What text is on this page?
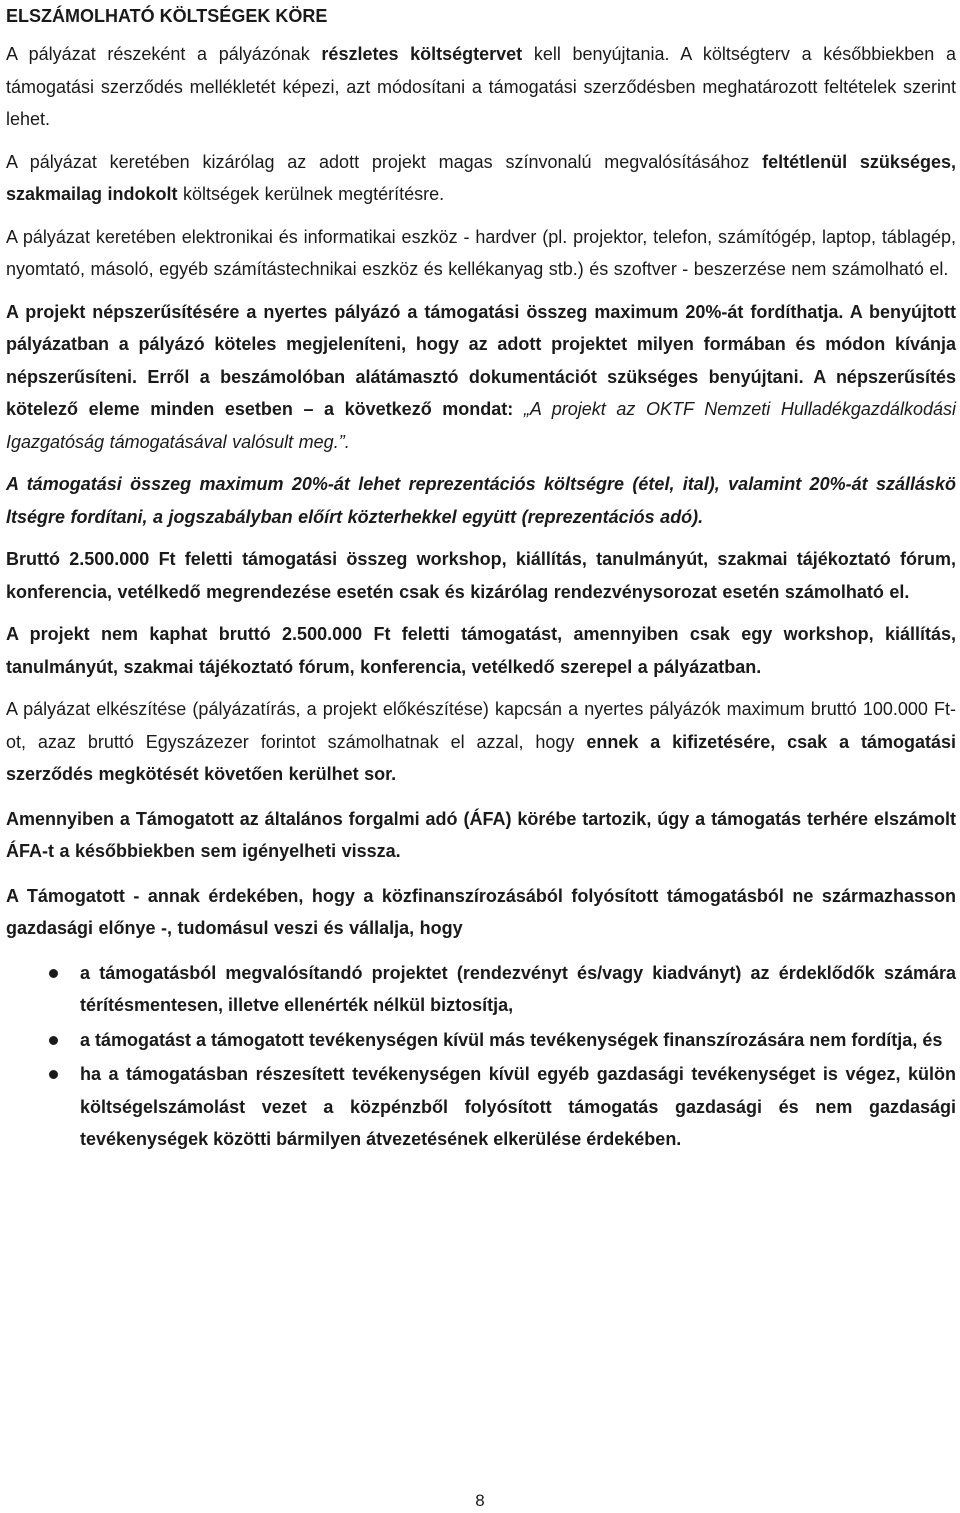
ELSZÁMOLHATÓ KÖLTSÉGEK KÖRE

A pályázat részeként a pályázónak részletes költségtervet kell benyújtania. A költségterv a későbbiekben a támogatási szerződés mellékletét képezi, azt módosítani a támogatási szerződésben meghatározott feltételek szerint lehet.

A pályázat keretében kizárólag az adott projekt magas színvonalú megvalósításához feltétlenül szükséges, szakmailag indokolt költségek kerülnek megtérítésre.

A pályázat keretében elektronikai és informatikai eszköz - hardver (pl. projektor, telefon, számítógép, laptop, táblagép, nyomtató, másoló, egyéb számítástechnikai eszköz és kellékanyag stb.) és szoftver - beszerzése nem számolható el.

A projekt népszerűsítésére a nyertes pályázó a támogatási összeg maximum 20%-át fordíthatja. A benyújtott pályázatban a pályázó köteles megjeleníteni, hogy az adott projektet milyen formában és módon kívánja népszerűsíteni. Erről a beszámolóban alátámasztó dokumentációt szükséges benyújtani. A népszerűsítés kötelező eleme minden esetben – a következő mondat: „A projekt az OKTF Nemzeti Hulladékgazdálkodási Igazgatóság támogatásával valósult meg.”.

A támogatási összeg maximum 20%-át lehet reprezentációs költségre (étel, ital), valamint 20%-át szálláskö ltségre fordítani, a jogszabályban előírt közterhekkel együtt (reprezentációs adó).

Bruttó 2.500.000 Ft feletti támogatási összeg workshop, kiállítás, tanulmányút, szakmai tájékoztató fórum, konferencia, vetélkedő megrendezése esetén csak és kizárólag rendezvénysorozat esetén számolható el.

A projekt nem kaphat bruttó 2.500.000 Ft feletti támogatást, amennyiben csak egy workshop, kiállítás, tanulmányút, szakmai tájékoztató fórum, konferencia, vetélkedő szerepel a pályázatban.

A pályázat elkészítése (pályázatírás, a projekt előkészítése) kapcsán a nyertes pályázók maximum bruttó 100.000 Ft-ot, azaz bruttó Egyszázezer forintot számolhatnak el azzal, hogy ennek a kifizetésére, csak a támogatási szerződés megkötését követően kerülhet sor.

Amennyiben a Támogatott az általános forgalmi adó (ÁFA) körébe tartozik, úgy a támogatás terhére elszámolt ÁFA-t a későbbiekben sem igényelheti vissza.

A Támogatott - annak érdekében, hogy a közfinanszírozásából folyósított támogatásból ne származhasson gazdasági előnye -, tudomásul veszi és vállalja, hogy

a támogatásból megvalósítandó projektet (rendezvényt és/vagy kiadványt) az érdeklődők számára térítésmentesen, illetve ellenérték nélkül biztosítja,
a támogatást a támogatott tevékenységen kívül más tevékenységek finanszírozására nem fordítja, és
ha a támogatásban részesített tevékenységen kívül egyéb gazdasági tevékenységet is végez, külön költségelszámolást vezet a közpénzből folyósított támogatás gazdasági és nem gazdasági tevékenységek közötti bármilyen átvezetésének elkerülése érdekében.
8
